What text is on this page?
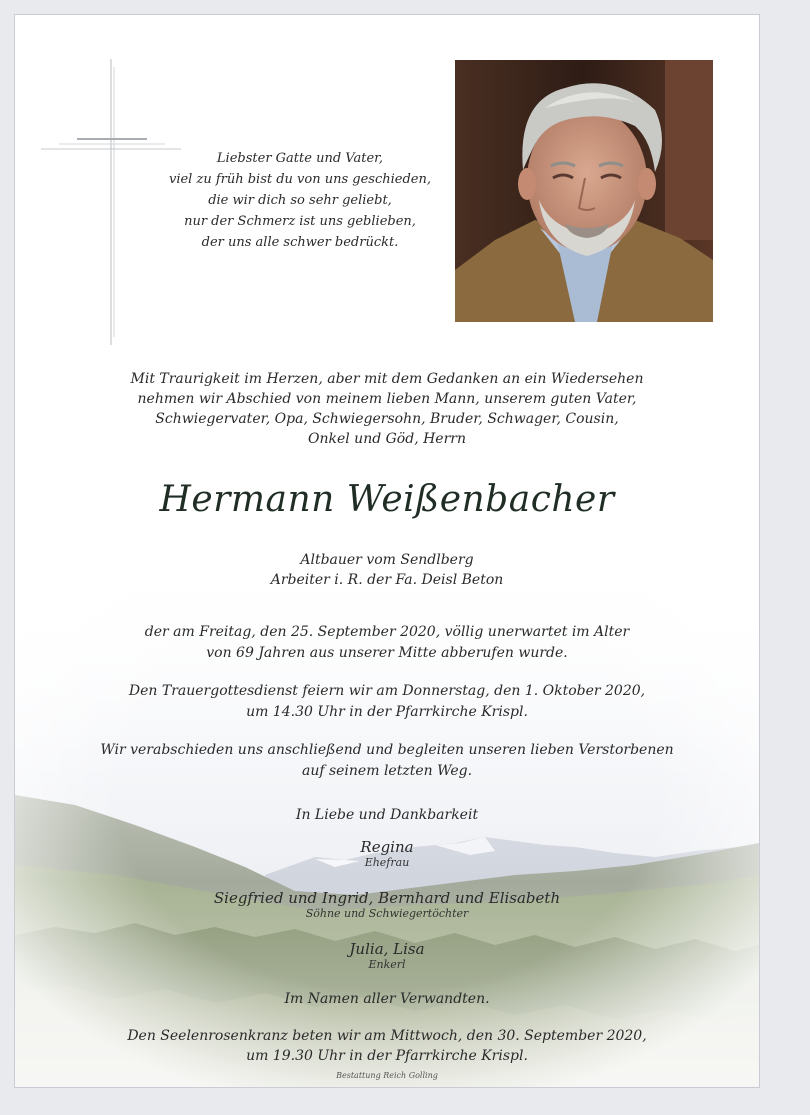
Liebster Gatte und Vater,
viel zu früh bist du von uns geschieden,
die wir dich so sehr geliebt,
nur der Schmerz ist uns geblieben,
der uns alle schwer bedrückt.
Mit Traurigkeit im Herzen, aber mit dem Gedanken an ein Wiedersehen
nehmen wir Abschied von meinem lieben Mann, unserem guten Vater,
Schwiegervater, Opa, Schwiegersohn, Bruder, Schwager, Cousin,
Onkel und Göd, Herrn
Hermann Weißenbacher
Altbauer vom Sendlberg
Arbeiter i. R. der Fa. Deisl Beton
der am Freitag, den 25. September 2020, völlig unerwartet im Alter
von 69 Jahren aus unserer Mitte abberufen wurde.
Den Trauergottesdienst feiern wir am Donnerstag, den 1. Oktober 2020,
um 14.30 Uhr in der Pfarrkirche Krispl.
Wir verabschieden uns anschließend und begleiten unseren lieben Verstorbenen
auf seinem letzten Weg.
In Liebe und Dankbarkeit
Regina
Ehefrau
Siegfried und Ingrid, Bernhard und Elisabeth
Söhne und Schwiegertöchter
Julia, Lisa
Enkerl
Im Namen aller Verwandten.
Den Seelenrosenkranz beten wir am Mittwoch, den 30. September 2020,
um 19.30 Uhr in der Pfarrkirche Krispl.
Bestattung Reich Golling
